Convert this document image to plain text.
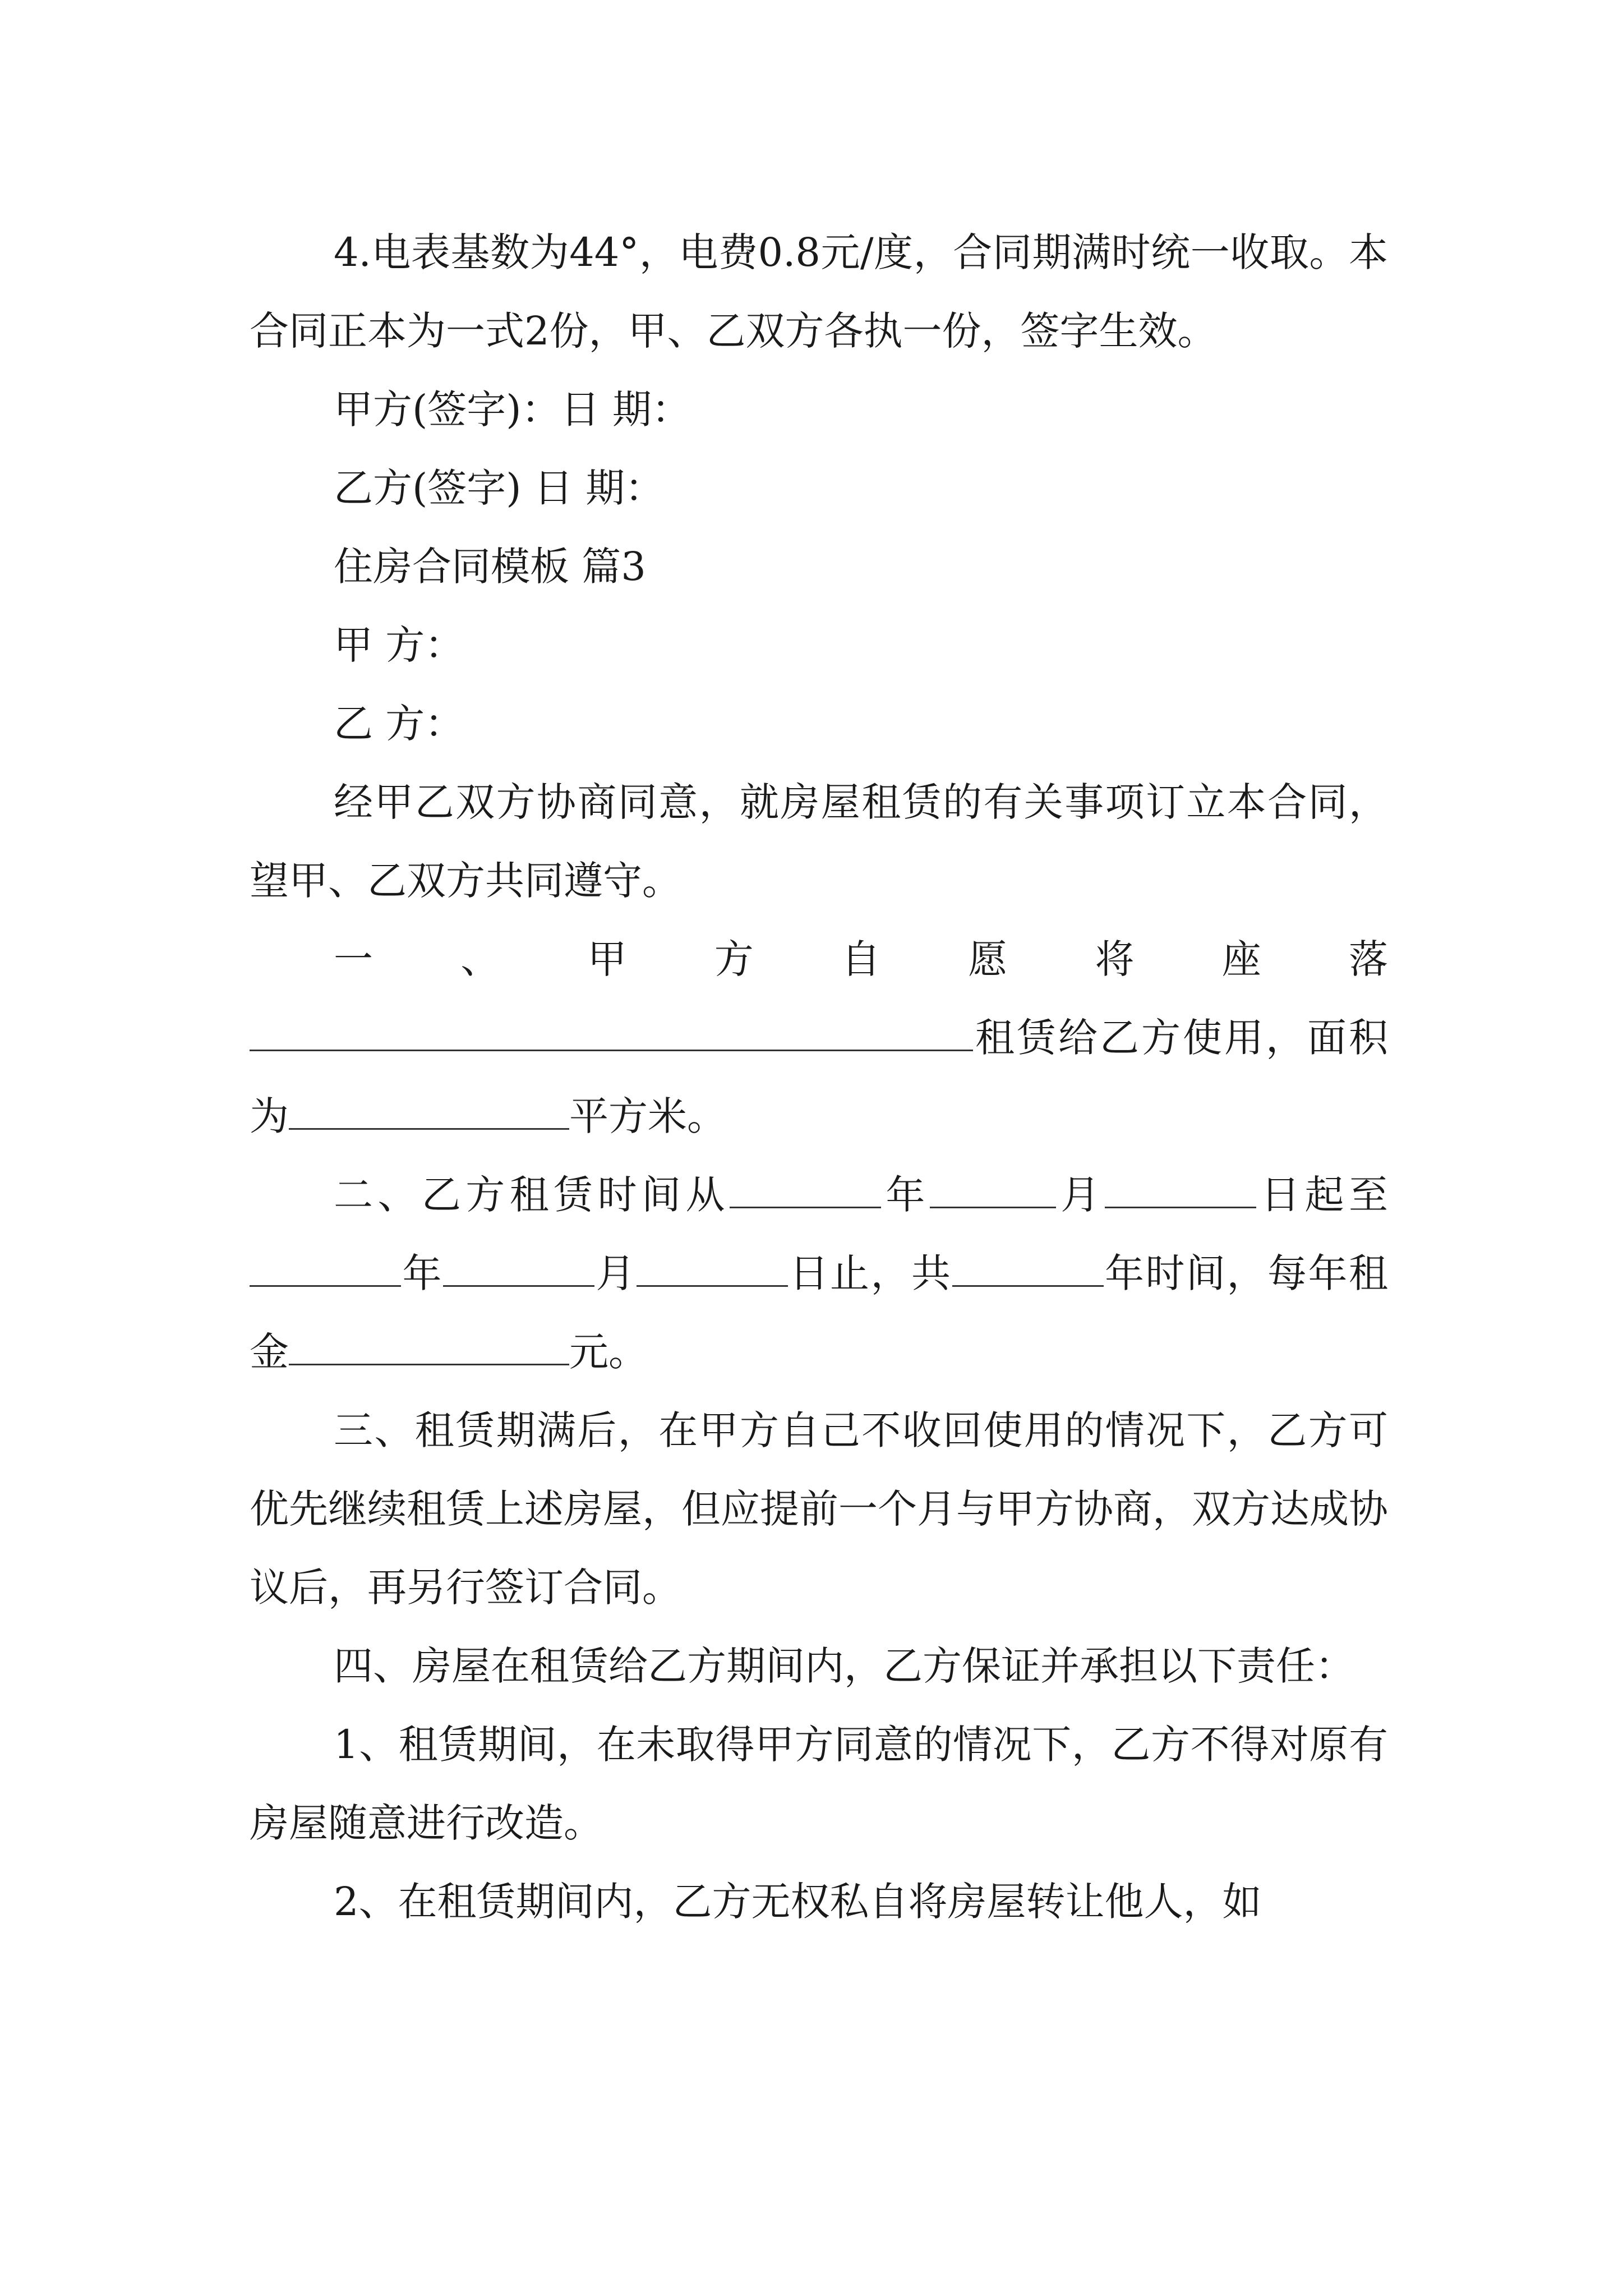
4.电表基数为44°，电费0.8元/度，合同期满时统一收取。本合同正本为一式2份，甲、乙双方各执一份，签字生效。

甲方(签字)：日 期：

乙方(签字) 日 期：

住房合同模板 篇3

甲 方：

乙 方：

经甲乙双方协商同意，就房屋租赁的有关事项订立本合同，望甲、乙双方共同遵守。

一、甲方自愿将座落
租赁给乙方使用，面积为	平方米。

二、乙方租赁时间从	年	月	日起至年	月	日止，共	年时间，每年租金	元。

三、租赁期满后，在甲方自己不收回使用的情况下，乙方可优先继续租赁上述房屋，但应提前一个月与甲方协商，双方达成协议后，再另行签订合同。

四、房屋在租赁给乙方期间内，乙方保证并承担以下责任：

1、租赁期间，在未取得甲方同意的情况下，乙方不得对原有房屋随意进行改造。

2、在租赁期间内，乙方无权私自将房屋转让他人，如
